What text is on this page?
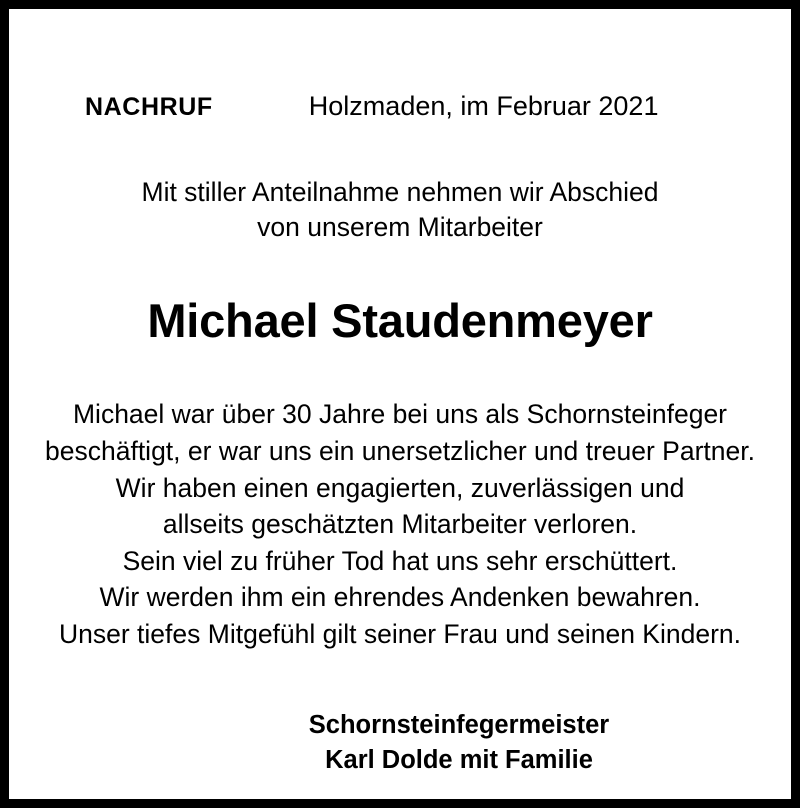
NACHRUF	Holzmaden, im Februar 2021
Mit stiller Anteilnahme nehmen wir Abschied
von unserem Mitarbeiter
Michael Staudenmeyer
Michael war über 30 Jahre bei uns als Schornsteinfeger
beschäftigt, er war uns ein unersetzlicher und treuer Partner.
Wir haben einen engagierten, zuverlässigen und
allseits geschätzten Mitarbeiter verloren.
Sein viel zu früher Tod hat uns sehr erschüttert.
Wir werden ihm ein ehrendes Andenken bewahren.
Unser tiefes Mitgefühl gilt seiner Frau und seinen Kindern.
Schornsteinfegermeister
Karl Dolde mit Familie
